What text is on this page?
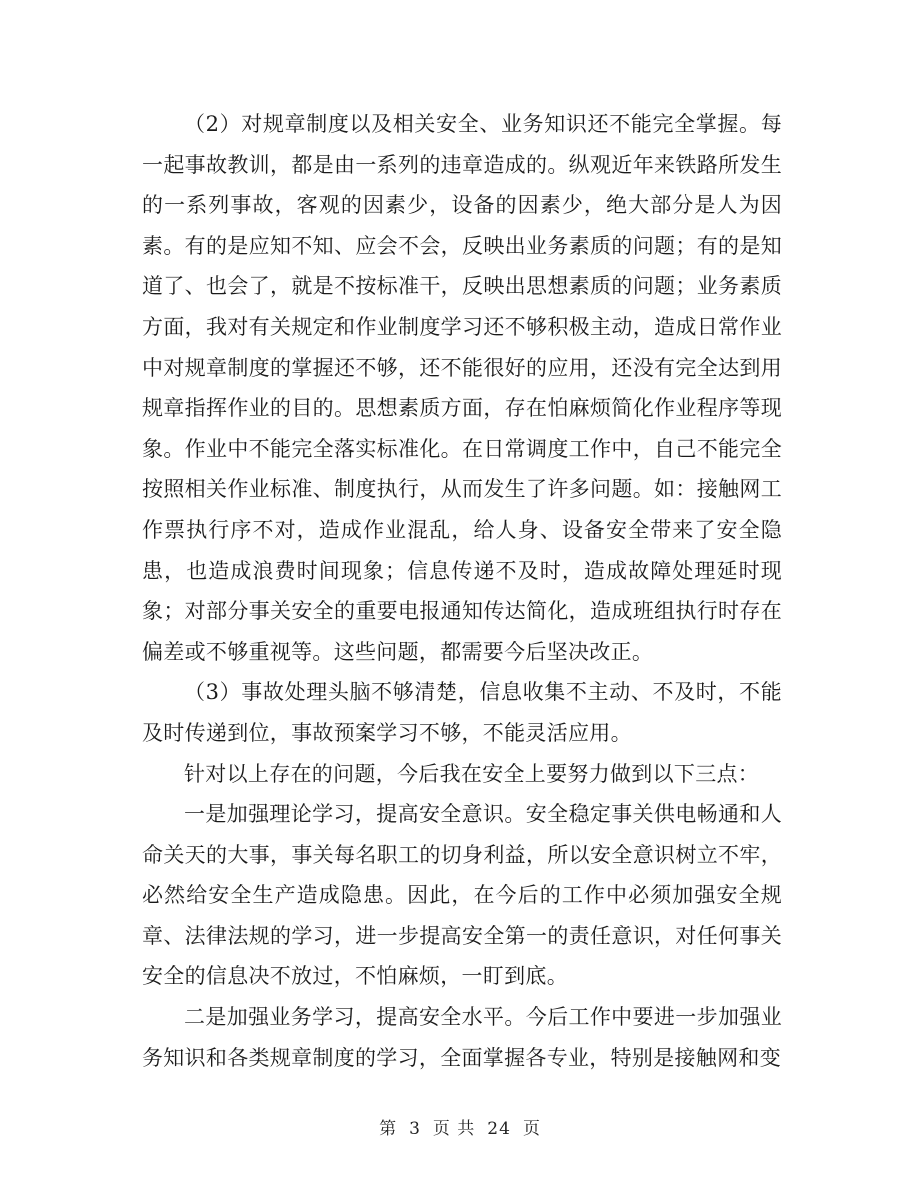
（2）对规章制度以及相关安全、业务知识还不能完全掌握。每一起事故教训，都是由一系列的违章造成的。纵观近年来铁路所发生的一系列事故，客观的因素少，设备的因素少，绝大部分是人为因素。有的是应知不知、应会不会，反映出业务素质的问题；有的是知道了、也会了，就是不按标准干，反映出思想素质的问题；业务素质方面，我对有关规定和作业制度学习还不够积极主动，造成日常作业中对规章制度的掌握还不够，还不能很好的应用，还没有完全达到用规章指挥作业的目的。思想素质方面，存在怕麻烦简化作业程序等现象。作业中不能完全落实标准化。在日常调度工作中，自己不能完全按照相关作业标准、制度执行，从而发生了许多问题。如：接触网工作票执行序不对，造成作业混乱，给人身、设备安全带来了安全隐患，也造成浪费时间现象；信息传递不及时，造成故障处理延时现象；对部分事关安全的重要电报通知传达简化，造成班组执行时存在偏差或不够重视等。这些问题，都需要今后坚决改正。

（3）事故处理头脑不够清楚，信息收集不主动、不及时，不能及时传递到位，事故预案学习不够，不能灵活应用。

针对以上存在的问题，今后我在安全上要努力做到以下三点：

一是加强理论学习，提高安全意识。安全稳定事关供电畅通和人命关天的大事，事关每名职工的切身利益，所以安全意识树立不牢，必然给安全生产造成隐患。因此，在今后的工作中必须加强安全规章、法律法规的学习，进一步提高安全第一的责任意识，对任何事关安全的信息决不放过，不怕麻烦，一盯到底。

二是加强业务学习，提高安全水平。今后工作中要进一步加强业务知识和各类规章制度的学习，全面掌握各专业，特别是接触网和变

第 3 页 共 24 页
